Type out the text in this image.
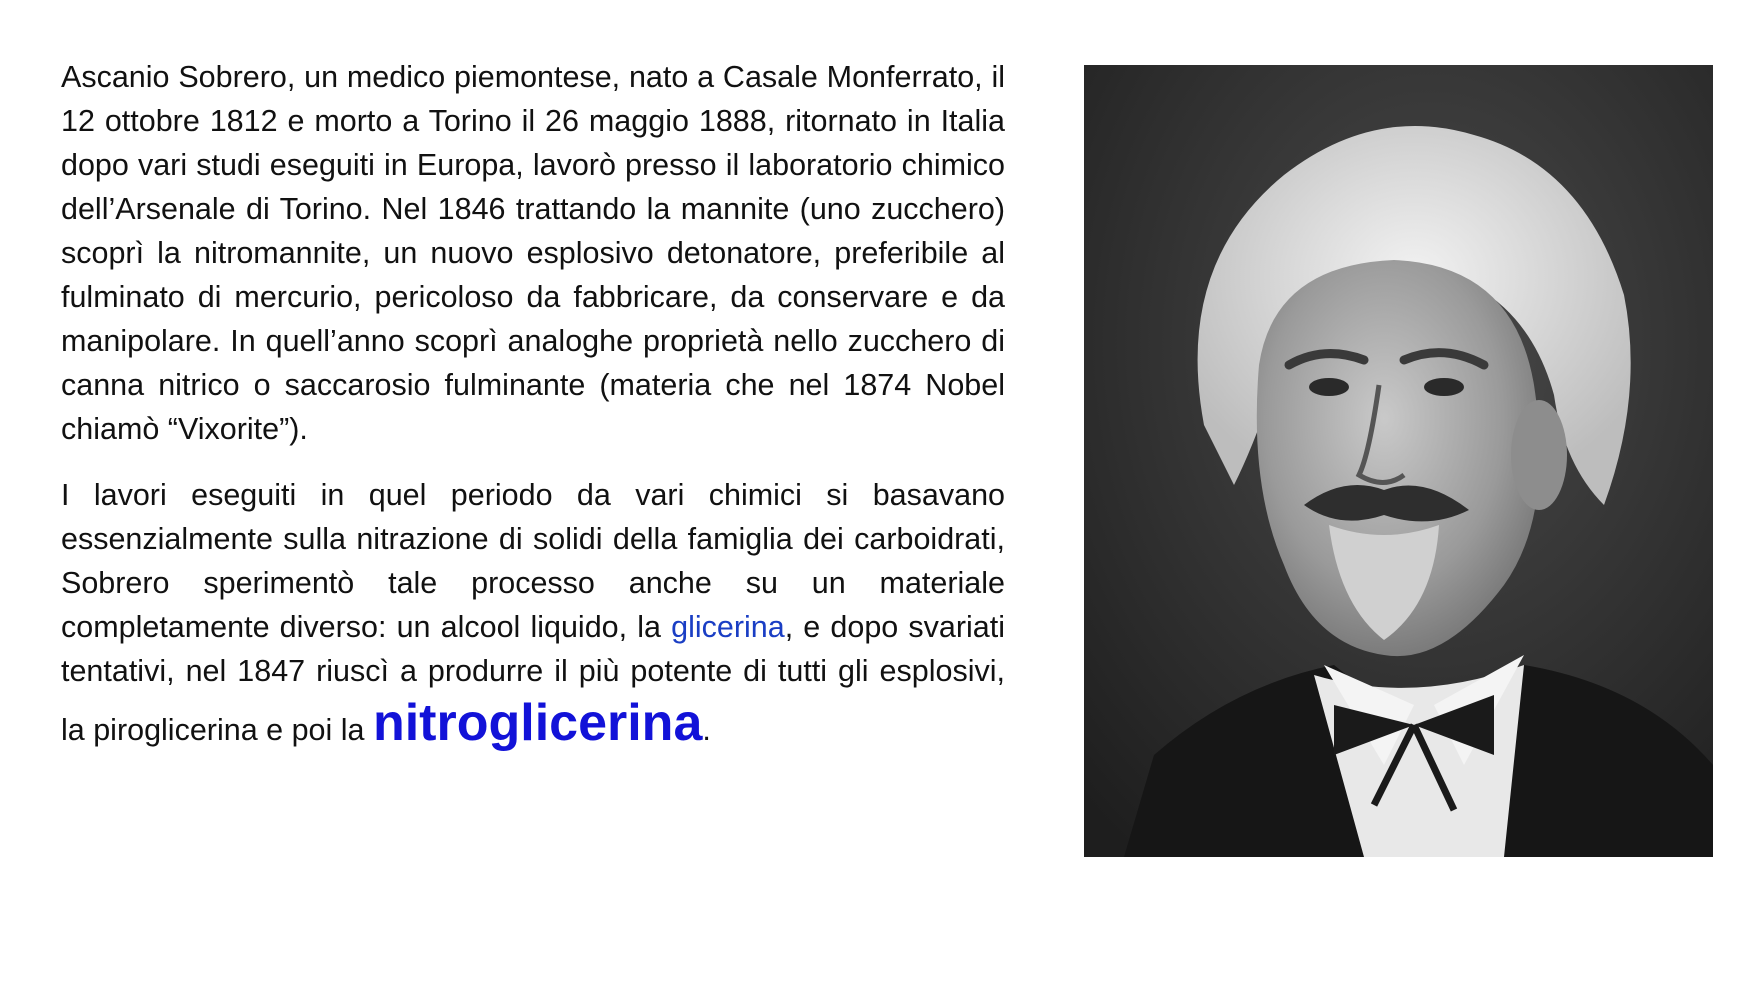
Ascanio Sobrero, un medico piemontese, nato a Casale Monferrato, il 12 ottobre 1812 e morto a Torino il 26 maggio 1888, ritornato in Italia dopo vari studi eseguiti in Europa, lavorò presso il laboratorio chimico dell’Arsenale di Torino. Nel 1846 trattando la mannite (uno zucchero) scoprì la nitromannite, un nuovo esplosivo detonatore, preferibile al fulminato di mercurio, pericoloso da fabbricare, da conservare e da manipolare. In quell’anno scoprì analoghe proprietà nello zucchero di canna nitrico o saccarosio fulminante (materia che nel 1874 Nobel chiamò “Vixorite”).

I lavori eseguiti in quel periodo da vari chimici si basavano essenzialmente sulla nitrazione di solidi della famiglia dei carboidrati, Sobrero sperimentò tale processo anche su un materiale completamente diverso: un alcool liquido, la glicerina, e dopo svariati tentativi, nel 1847 riuscì a produrre il più potente di tutti gli esplosivi, la piroglicerina e poi la nitroglicerina.
